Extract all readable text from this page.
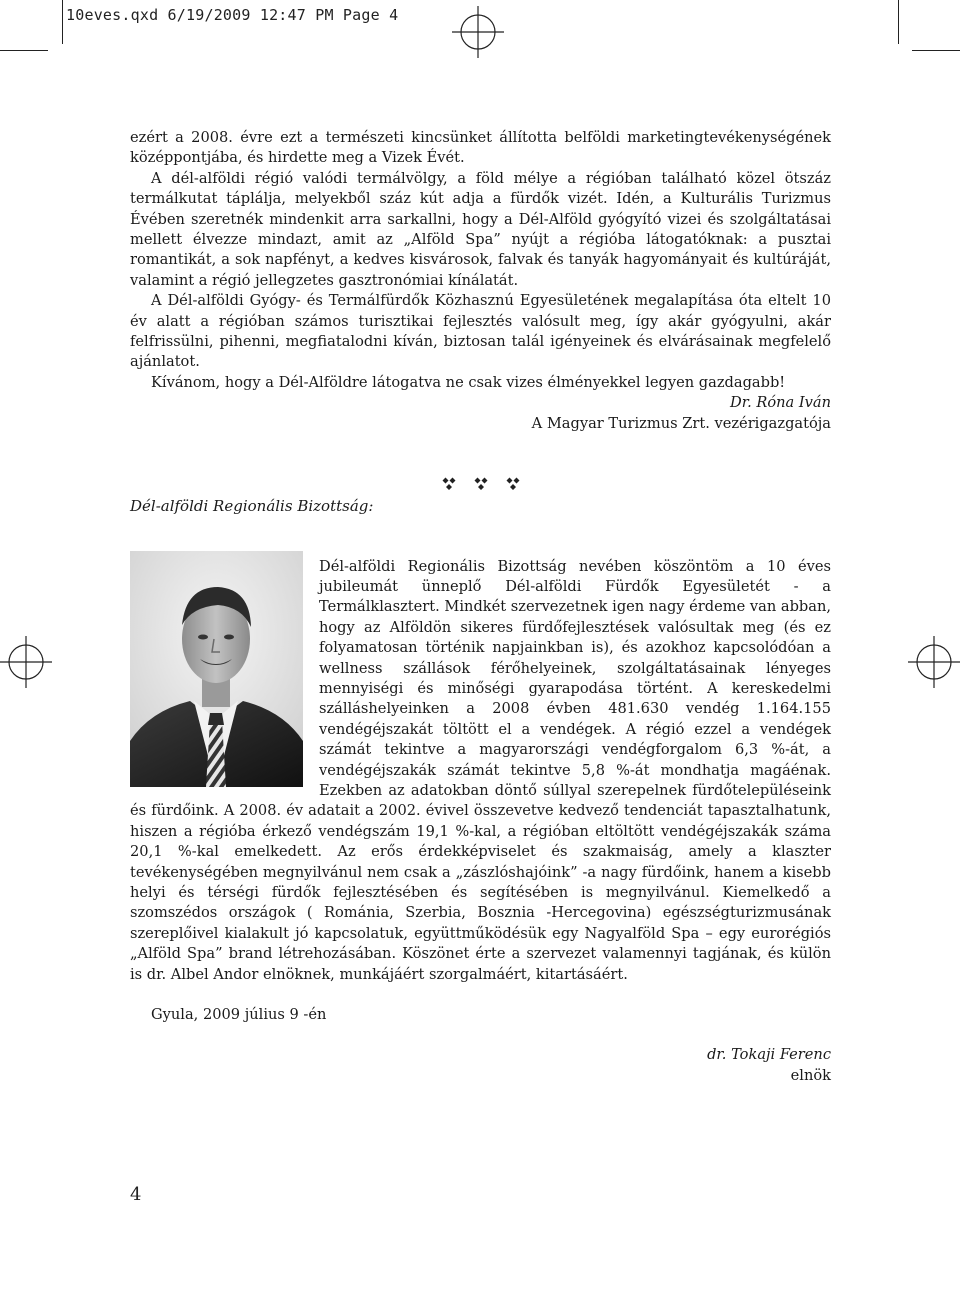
10eves.qxd 6/19/2009 12:47 PM Page 4

ezért a 2008. évre ezt a természeti kincsünket állította belföldi marketingtevékenységének középpontjába, és hirdette meg a Vizek Évét.

A dél-alföldi régió valódi termálvölgy, a föld mélye a régióban található közel ötszáz termálkutat táplálja, melyekből száz kút adja a fürdők vizét. Idén, a Kulturális Turizmus Évében szeretnék mindenkit arra sarkallni, hogy a Dél-Alföld gyógyító vizei és szolgáltatásai mellett élvezze mindazt, amit az „Alföld Spa” nyújt a régióba látogatóknak: a pusztai romantikát, a sok napfényt, a kedves kisvárosok, falvak és tanyák hagyományait és kultúráját, valamint a régió jellegzetes gasztronómiai kínálatát.

A Dél-alföldi Gyógy- és Termálfürdők Közhasznú Egyesületének megalapítása óta eltelt 10 év alatt a régióban számos turisztikai fejlesztés valósult meg, így akár gyógyulni, akár felfrissülni, pihenni, megfiatalodni kíván, biztosan talál igényeinek és elvárásainak megfelelő ajánlatot.

Kívánom, hogy a Dél-Alföldre látogatva ne csak vizes élményekkel legyen gazdagabb!

Dr. Róna Iván

A Magyar Turizmus Zrt. vezérigazgatója

Dél-alföldi Regionális Bizottság:

Dél-alföldi Regionális Bizottság nevében köszöntöm a 10 éves jubileumát ünneplő Dél-alföldi Fürdők Egyesületét - a Termálklasztert. Mindkét szervezetnek igen nagy érdeme van abban, hogy az Alföldön sikeres fürdőfejlesztések valósultak meg (és ez folyamatosan történik napjainkban is), és azokhoz kapcsolódóan a wellness szállások férőhelyeinek, szolgáltatásainak lényeges mennyiségi és minőségi gyarapodása történt. A kereskedelmi szálláshelyeinken a 2008 évben 481.630 vendég 1.164.155 vendégéjszakát töltött el a vendégek. A régió ezzel a vendégek számát tekintve a magyarországi vendégforgalom 6,3 %-át, a vendégéjszakák számát tekintve 5,8 %-át mondhatja magáénak. Ezekben az adatokban döntő súllyal szerepelnek fürdőtelepüléseink és fürdőink. A 2008. év adatait a 2002. évivel összevetve kedvező tendenciát tapasztalhatunk, hiszen a régióba érkező vendégszám 19,1 %-kal, a régióban eltöltött vendégéjszakák száma 20,1 %-kal emelkedett. Az erős érdekképviselet és szakmaiság, amely a klaszter tevékenységében megnyilvánul nem csak a „zászlóshajóink” -a nagy fürdőink, hanem a kisebb helyi és térségi fürdők fejlesztésében és segítésében is megnyilvánul. Kiemelkedő a szomszédos országok ( Románia, Szerbia, Bosznia -Hercegovina) egészségturizmusának szereplőivel kialakult jó kapcsolatuk, együttműködésük egy Nagyalföld Spa – egy eurorégiós „Alföld Spa” brand létrehozásában. Köszönet érte a szervezet valamennyi tagjának, és külön is dr. Albel Andor elnöknek, munkájáért szorgalmáért, kitartásáért.

Gyula, 2009 július 9 -én

dr. Tokaji Ferenc

elnök

4
